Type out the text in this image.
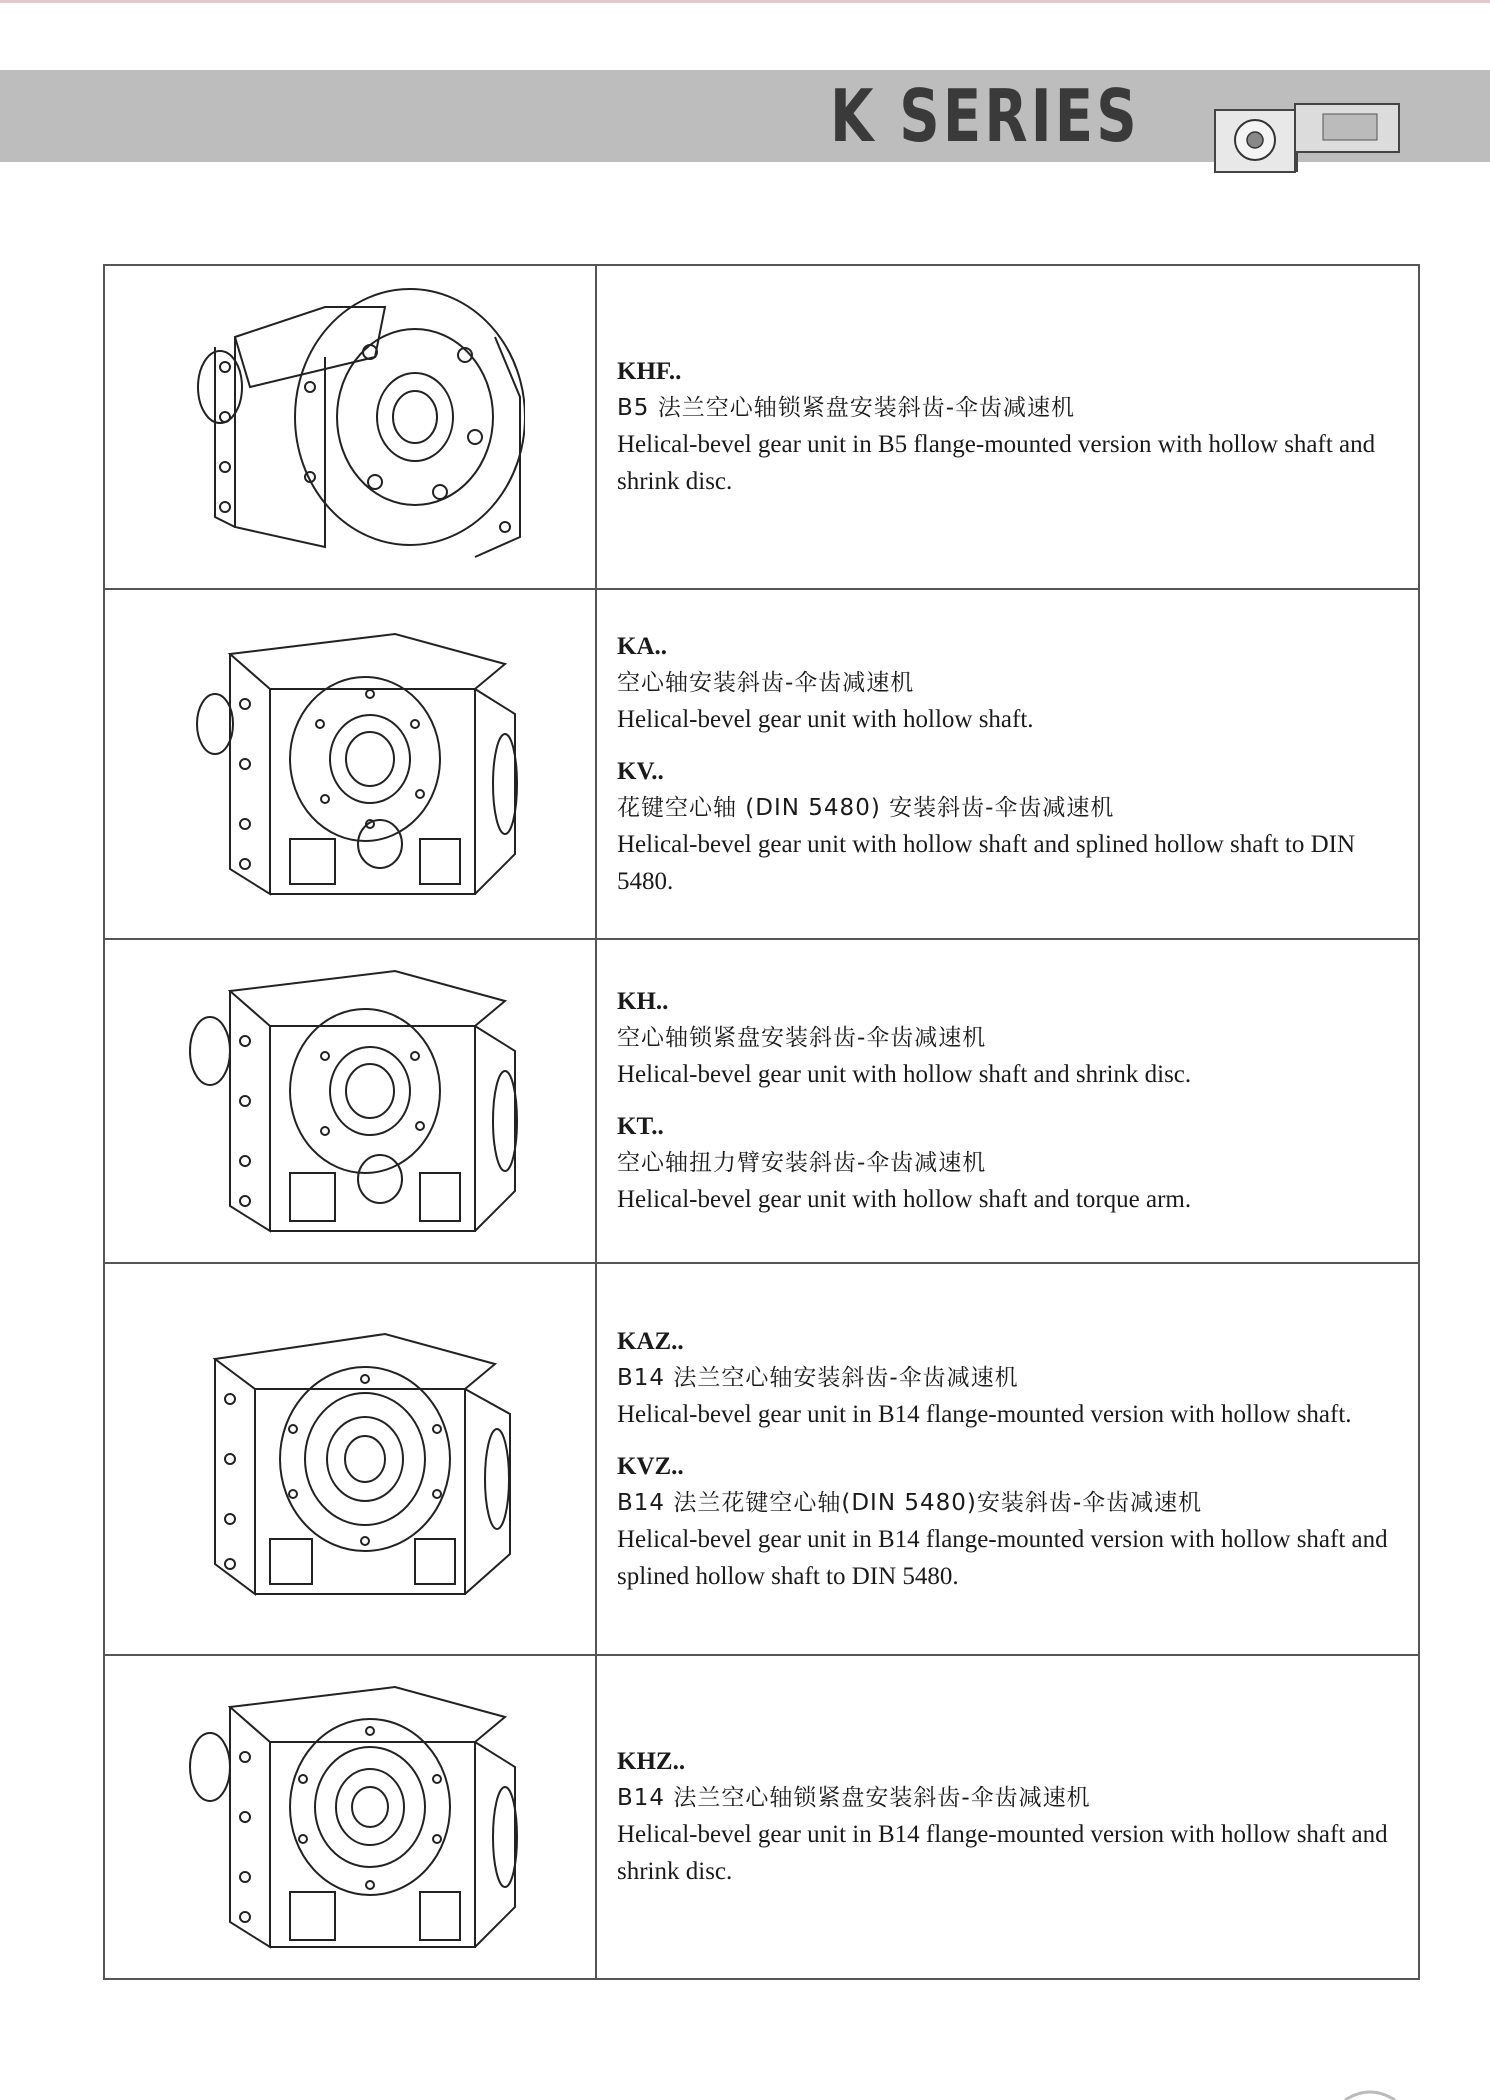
K SERIES
KHF..
B5 法兰空心轴锁紧盘安装斜齿-伞齿减速机
Helical-bevel gear unit in B5 flange-mounted version with hollow shaft and shrink disc.
KA..
空心轴安装斜齿-伞齿减速机
Helical-bevel gear unit with hollow shaft.
KV..
花键空心轴 (DIN 5480) 安装斜齿-伞齿减速机
Helical-bevel gear unit with hollow shaft and splined hollow shaft to DIN 5480.
KH..
空心轴锁紧盘安装斜齿-伞齿减速机
Helical-bevel gear unit with hollow shaft and shrink disc.
KT..
空心轴扭力臂安装斜齿-伞齿减速机
Helical-bevel gear unit with hollow shaft and torque arm.
KAZ..
B14 法兰空心轴安装斜齿-伞齿减速机
Helical-bevel gear unit in B14 flange-mounted version with hollow shaft.
KVZ..
B14 法兰花键空心轴(DIN 5480)安装斜齿-伞齿减速机
Helical-bevel gear unit in B14 flange-mounted version with hollow shaft and splined hollow shaft to DIN 5480.
KHZ..
B14 法兰空心轴锁紧盘安装斜齿-伞齿减速机
Helical-bevel gear unit in B14 flange-mounted version with hollow shaft and shrink disc.
